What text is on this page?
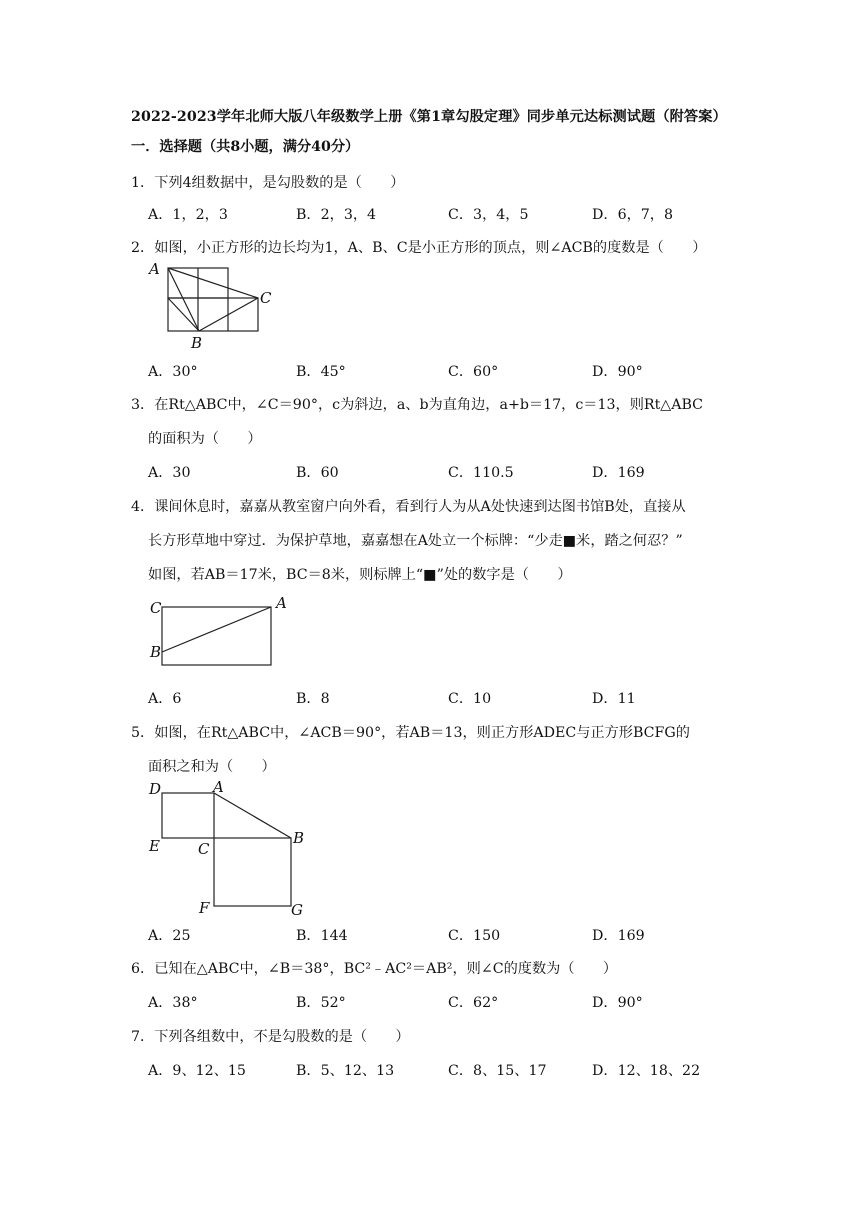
2022-2023学年北师大版八年级数学上册《第1章勾股定理》同步单元达标测试题（附答案）
一．选择题（共8小题，满分40分）
1．下列4组数据中，是勾股数的是（　　）
A．1，2，3	B．2，3，4	C．3，4，5	D．6，7，8
2．如图，小正方形的边长均为1，A、B、C是小正方形的顶点，则∠ACB的度数是（　　）
A
B
C
A．30°	B．45°	C．60°	D．90°
3．在Rt△ABC中，∠C＝90°，c为斜边，a、b为直角边，a+b＝17，c＝13，则Rt△ABC
的面积为（　　）
A．30	B．60	C．110.5	D．169
4．课间休息时，嘉嘉从教室窗户向外看，看到行人为从A处快速到达图书馆B处，直接从
长方形草地中穿过．为保护草地，嘉嘉想在A处立一个标牌：“少走■米，踏之何忍？”
如图，若AB＝17米，BC＝8米，则标牌上“■”处的数字是（　　）
C	A
B
A．6	B．8	C．10	D．11
5．如图，在Rt△ABC中，∠ACB＝90°，若AB＝13，则正方形ADEC与正方形BCFG的
面积之和为（　　）
D	A
E	C
B
F	G
A．25	B．144	C．150	D．169
6．已知在△ABC中，∠B＝38°，BC²﹣AC²＝AB²，则∠C的度数为（　　）
A．38°	B．52°	C．62°	D．90°
7．下列各组数中，不是勾股数的是（　　）
A．9、12、15	B．5、12、13	C．8、15、17	D．12、18、22
